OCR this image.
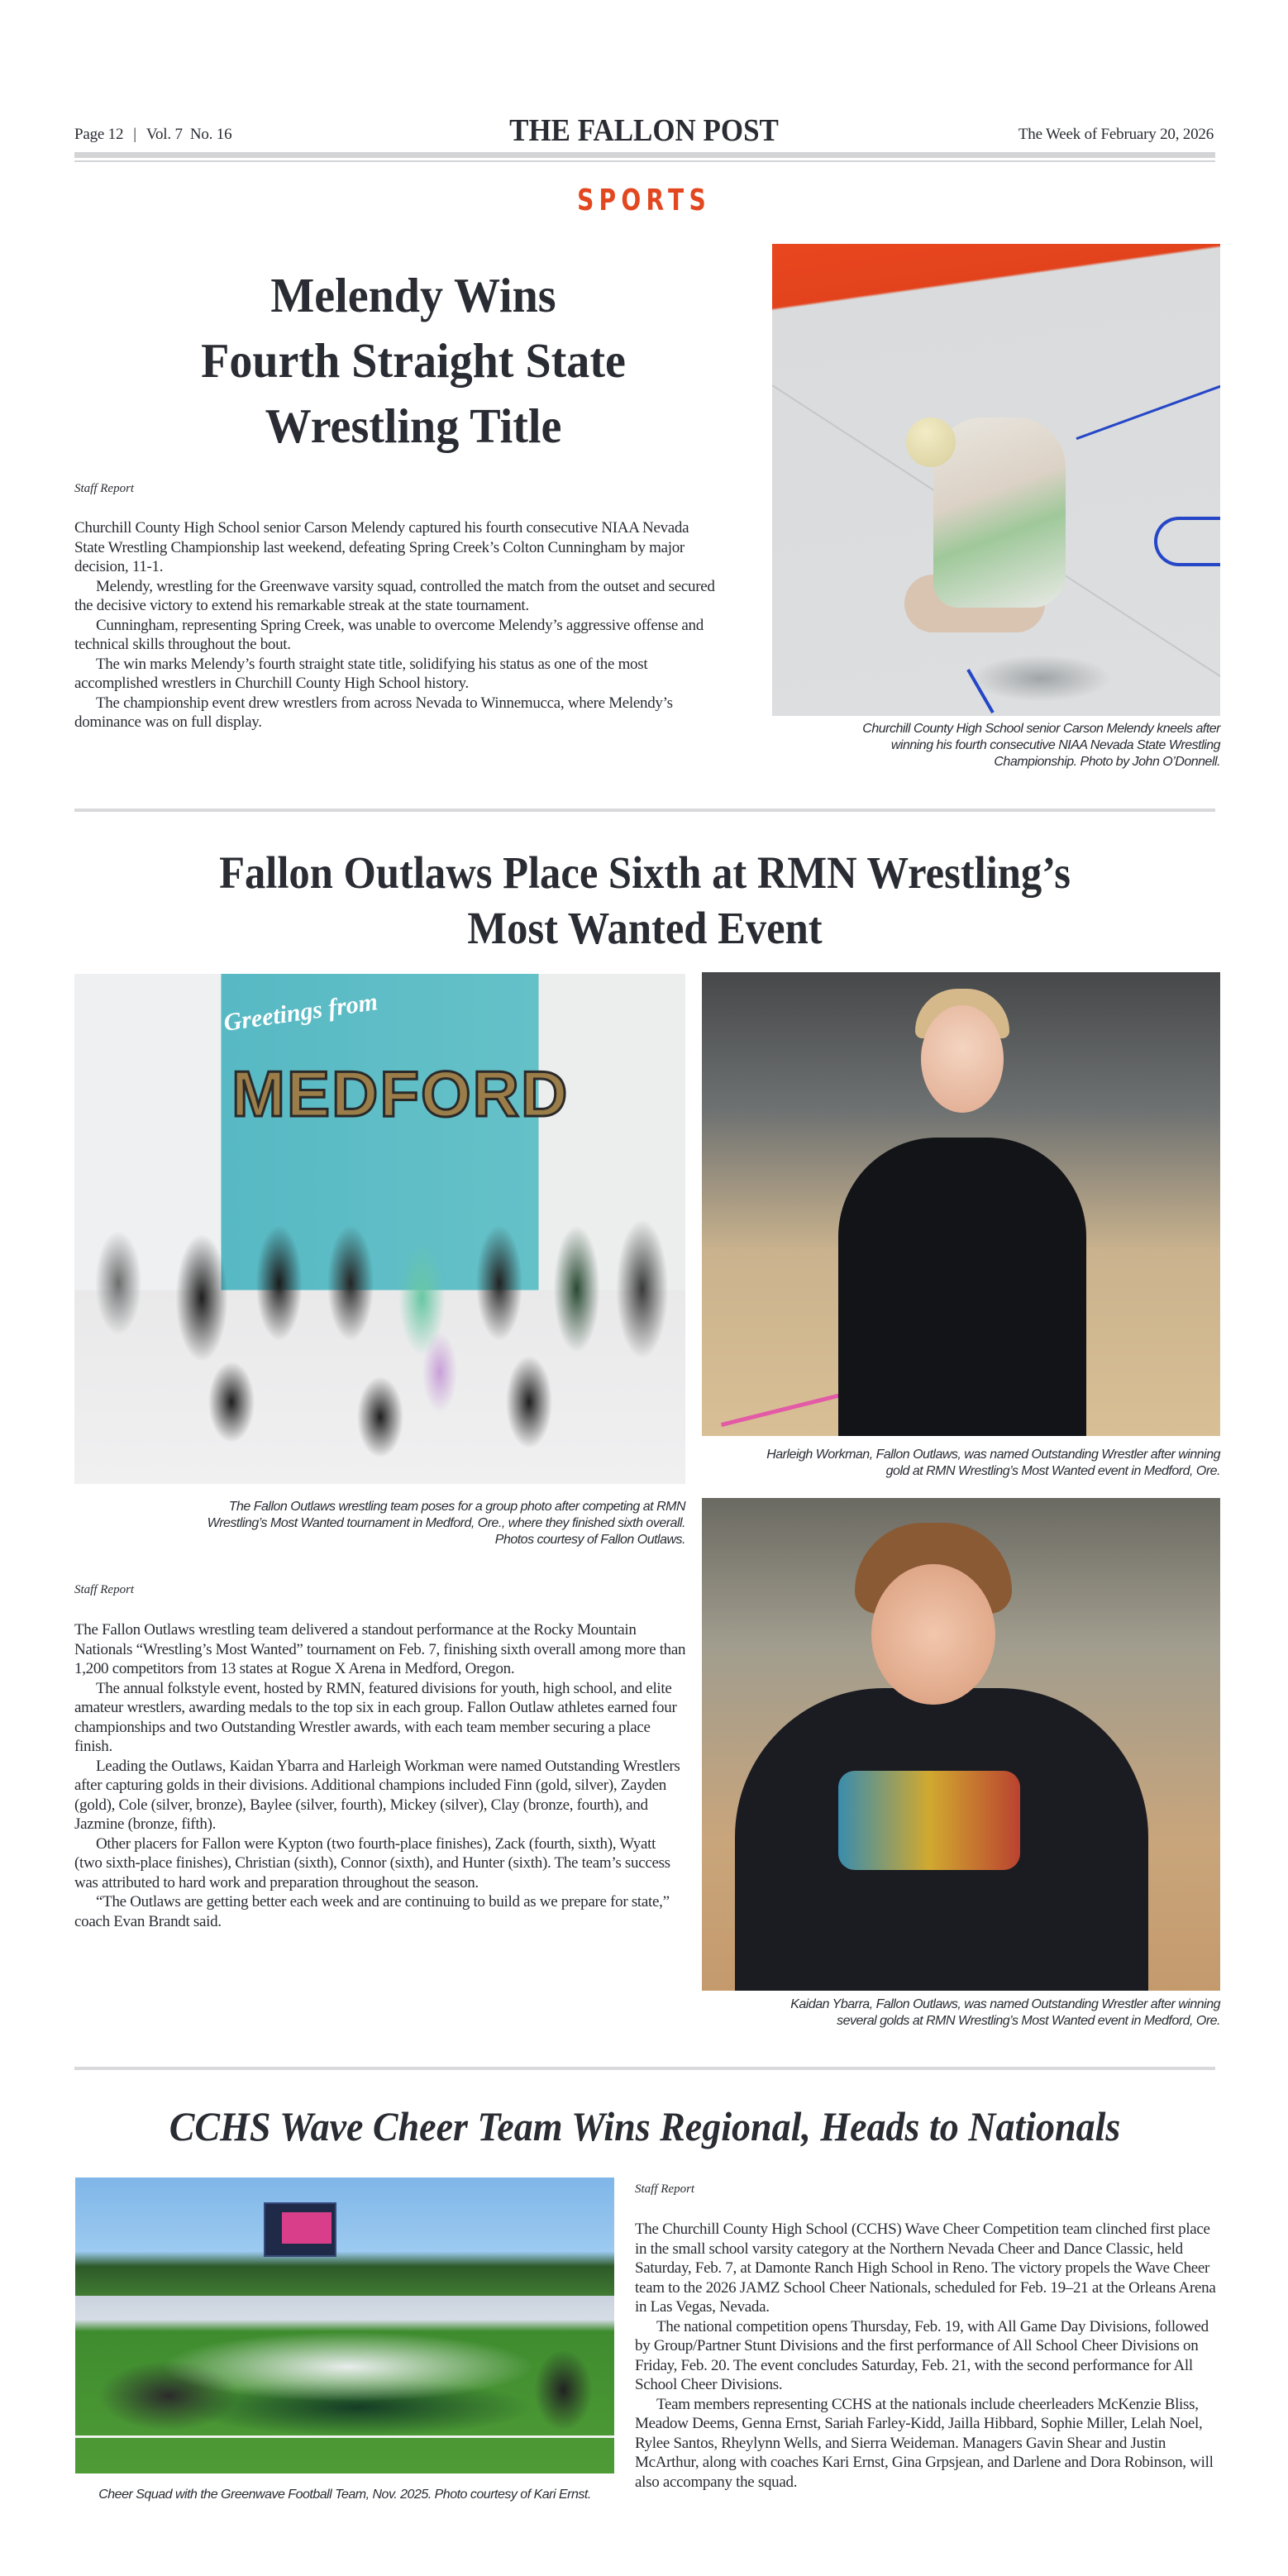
Page 12 | Vol. 7  No. 16	THE FALLON POST	The Week of February 20, 2026
SPORTS
Melendy Wins
Fourth Straight State
Wrestling Title
Staff Report

Churchill County High School senior Carson Melendy captured his fourth consecutive NIAA Nevada State Wrestling Championship last weekend, defeating Spring Creek’s Colton Cunningham by major decision, 11-1.

Melendy, wrestling for the Greenwave varsity squad, controlled the match from the outset and secured the decisive victory to extend his remarkable streak at the state tournament.

Cunningham, representing Spring Creek, was unable to overcome Melendy’s aggressive offense and technical skills throughout the bout.

The win marks Melendy’s fourth straight state title, solidifying his status as one of the most accomplished wrestlers in Churchill County High School history.

The championship event drew wrestlers from across Nevada to Winnemucca, where Melendy’s dominance was on full display.	Churchill County High School senior Carson Melendy kneels after
winning his fourth consecutive NIAA Nevada State Wrestling
Championship. Photo by John O’Donnell.
Fallon Outlaws Place Sixth at RMN Wrestling’s
Most Wanted Event
Greetings from
MEDFORD
The Fallon Outlaws wrestling team poses for a group photo after competing at RMN
Wrestling’s Most Wanted tournament in Medford, Ore., where they finished sixth overall.
Photos courtesy of Fallon Outlaws.
Staff Report

The Fallon Outlaws wrestling team delivered a standout performance at the Rocky Mountain Nationals “Wrestling’s Most Wanted” tournament on Feb. 7, finishing sixth overall among more than 1,200 competitors from 13 states at Rogue X Arena in Medford, Oregon.

The annual folkstyle event, hosted by RMN, featured divisions for youth, high school, and elite amateur wrestlers, awarding medals to the top six in each group. Fallon Outlaw athletes earned four championships and two Outstanding Wrestler awards, with each team member securing a place finish.

Leading the Outlaws, Kaidan Ybarra and Harleigh Workman were named Outstanding Wrestlers after capturing golds in their divisions. Additional champions included Finn (gold, silver), Zayden (gold), Cole (silver, bronze), Baylee (silver, fourth), Mickey (silver), Clay (bronze, fourth), and Jazmine (bronze, fifth).

Other placers for Fallon were Kypton (two fourth-place finishes), Zack (fourth, sixth), Wyatt (two sixth-place finishes), Christian (sixth), Connor (sixth), and Hunter (sixth). The team’s success was attributed to hard work and preparation throughout the season.

“The Outlaws are getting better each week and are continuing to build as we prepare for state,” coach Evan Brandt said.

Harleigh Workman, Fallon Outlaws, was named Outstanding Wrestler after winning
gold at RMN Wrestling’s Most Wanted event in Medford, Ore.
Kaidan Ybarra, Fallon Outlaws, was named Outstanding Wrestler after winning
several golds at RMN Wrestling’s Most Wanted event in Medford, Ore.
CCHS Wave Cheer Team Wins Regional, Heads to Nationals
Cheer Squad with the Greenwave Football Team, Nov. 2025. Photo courtesy of Kari Ernst.
Staff Report

The Churchill County High School (CCHS) Wave Cheer Competition team clinched first place in the small school varsity category at the Northern Nevada Cheer and Dance Classic, held Saturday, Feb. 7, at Damonte Ranch High School in Reno. The victory propels the Wave Cheer team to the 2026 JAMZ School Cheer Nationals, scheduled for Feb. 19–21 at the Orleans Arena in Las Vegas, Nevada.

The national competition opens Thursday, Feb. 19, with All Game Day Divisions, followed by Group/Partner Stunt Divisions and the first performance of All School Cheer Divisions on Friday, Feb. 20. The event concludes Saturday, Feb. 21, with the second performance for All School Cheer Divisions.

Team members representing CCHS at the nationals include cheerleaders McKenzie Bliss, Meadow Deems, Genna Ernst, Sariah Farley-Kidd, Jailla Hibbard, Sophie Miller, Lelah Noel, Rylee Santos, Rheylynn Wells, and Sierra Weideman. Managers Gavin Shear and Justin McArthur, along with coaches Kari Ernst, Gina Grpsjean, and Darlene and Dora Robinson, will also accompany the squad.
